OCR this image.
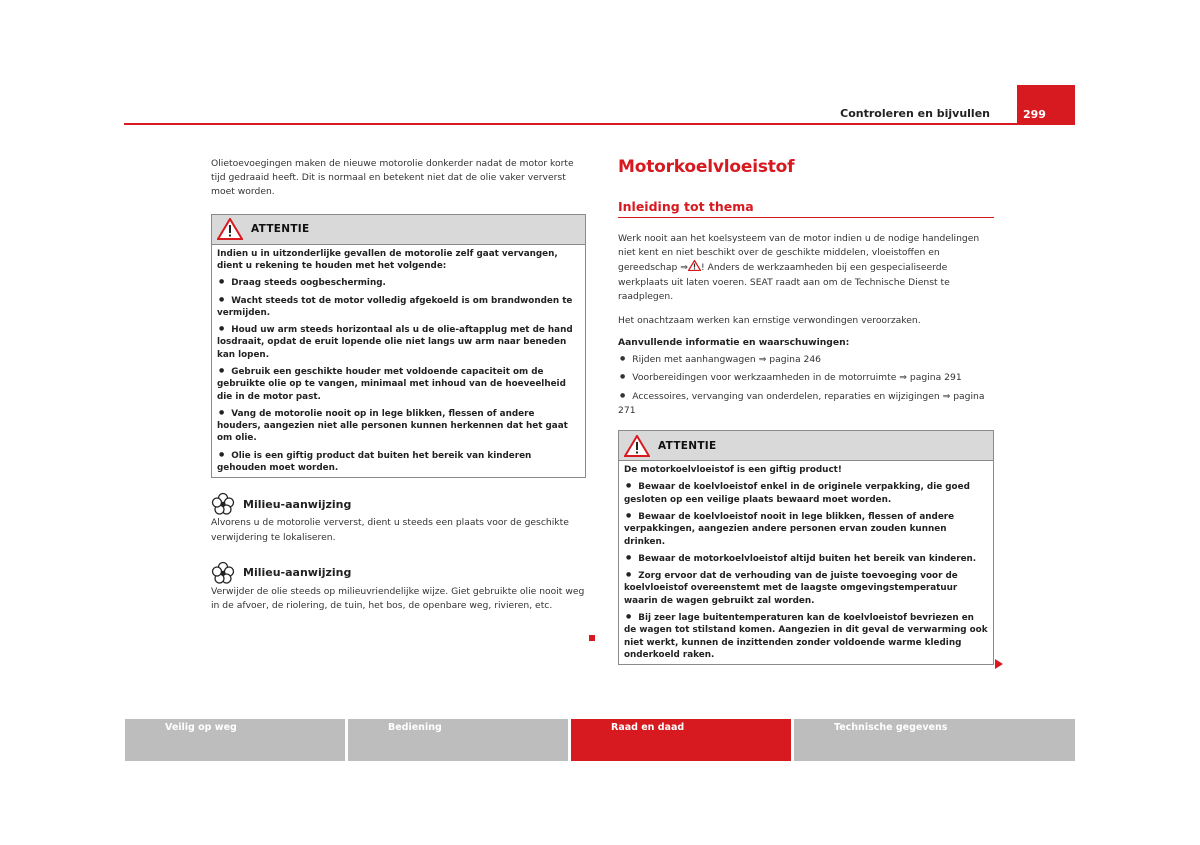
Controleren en bijvullen	299

Olietoevoegingen maken de nieuwe motorolie donkerder nadat de motor korte tijd gedraaid heeft. Dit is normaal en betekent niet dat de olie vaker ververst moet worden.

ATTENTIE

Indien u in uitzonderlijke gevallen de motorolie zelf gaat vervangen, dient u rekening te houden met het volgende:

● Draag steeds oogbescherming.

● Wacht steeds tot de motor volledig afgekoeld is om brandwonden te vermijden.

● Houd uw arm steeds horizontaal als u de olie-aftapplug met de hand losdraait, opdat de eruit lopende olie niet langs uw arm naar beneden kan lopen.

● Gebruik een geschikte houder met voldoende capaciteit om de gebruikte olie op te vangen, minimaal met inhoud van de hoeveelheid die in de motor past.

● Vang de motorolie nooit op in lege blikken, flessen of andere houders, aangezien niet alle personen kunnen herkennen dat het gaat om olie.

● Olie is een giftig product dat buiten het bereik van kinderen gehouden moet worden.

Milieu-aanwijzing

Alvorens u de motorolie ververst, dient u steeds een plaats voor de geschikte verwijdering te lokaliseren.

Milieu-aanwijzing

Verwijder de olie steeds op milieuvriendelijke wijze. Giet gebruikte olie nooit weg in de afvoer, de riolering, de tuin, het bos, de openbare weg, rivieren, etc.

Motorkoelvloeistof
Inleiding tot thema

Werk nooit aan het koelsysteem van de motor indien u de nodige handelingen niet kent en niet beschikt over de geschikte middelen, vloeistoffen en gereedschap ⇒ ! Anders de werkzaamheden bij een gespecialiseerde werkplaats uit laten voeren. SEAT raadt aan om de Technische Dienst te raadplegen.

Het onachtzaam werken kan ernstige verwondingen veroorzaken.

Aanvullende informatie en waarschuwingen:

● Rijden met aanhangwagen ⇒ pagina 246

● Voorbereidingen voor werkzaamheden in de motorruimte ⇒ pagina 291

● Accessoires, vervanging van onderdelen, reparaties en wijzigingen ⇒ pagina 271

ATTENTIE

De motorkoelvloeistof is een giftig product!

● Bewaar de koelvloeistof enkel in de originele verpakking, die goed gesloten op een veilige plaats bewaard moet worden.

● Bewaar de koelvloeistof nooit in lege blikken, flessen of andere verpakkingen, aangezien andere personen ervan zouden kunnen drinken.

● Bewaar de motorkoelvloeistof altijd buiten het bereik van kinderen.

● Zorg ervoor dat de verhouding van de juiste toevoeging voor de koelvloeistof overeenstemt met de laagste omgevingstemperatuur waarin de wagen gebruikt zal worden.

● Bij zeer lage buitentemperaturen kan de koelvloeistof bevriezen en de wagen tot stilstand komen. Aangezien in dit geval de verwarming ook niet werkt, kunnen de inzittenden zonder voldoende warme kleding onderkoeld raken.

Veilig op weg	Bediening	Raad en daad	Technische gegevens
